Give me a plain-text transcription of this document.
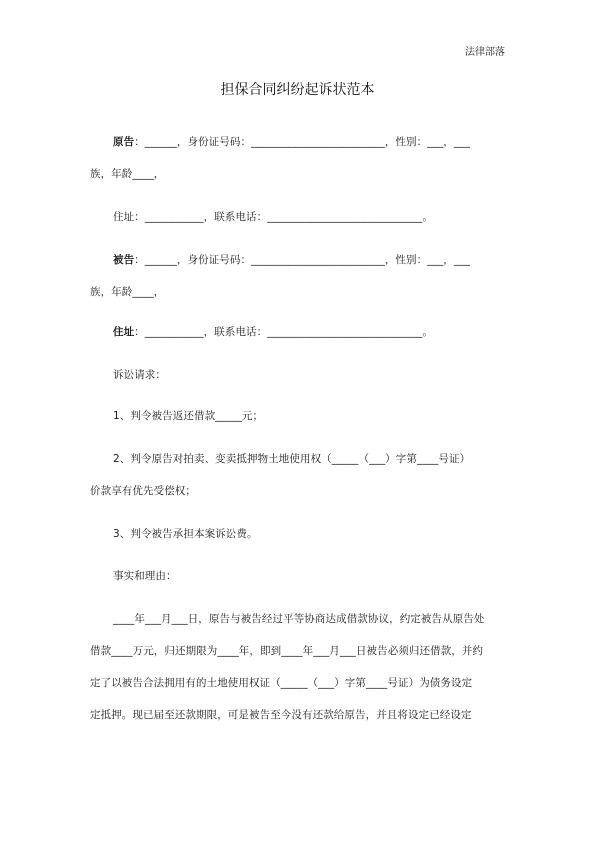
法律部落
担保合同纠纷起诉状范本
原告：______，身份证号码：_________________________，性别：___，___
族，年龄____，
住址：___________，联系电话：_____________________________。
被告：______，身份证号码：_________________________，性别：___，___
族，年龄____，
住址：___________，联系电话：_____________________________。
诉讼请求：
1、判令被告返还借款_____元；
2、判令原告对拍卖、变卖抵押物土地使用权（_____（___）字第____号证）
价款享有优先受偿权；
3、判令被告承担本案诉讼费。
事实和理由：
____年___月___日，原告与被告经过平等协商达成借款协议，约定被告从原告处
借款____万元，归还期限为____年，即到____年___月___日被告必须归还借款，并约
定了以被告合法拥用有的土地使用权证（_____（___）字第____号证）为债务设定
定抵押。现已届至还款期限，可是被告至今没有还款给原告，并且将设定已经设定
